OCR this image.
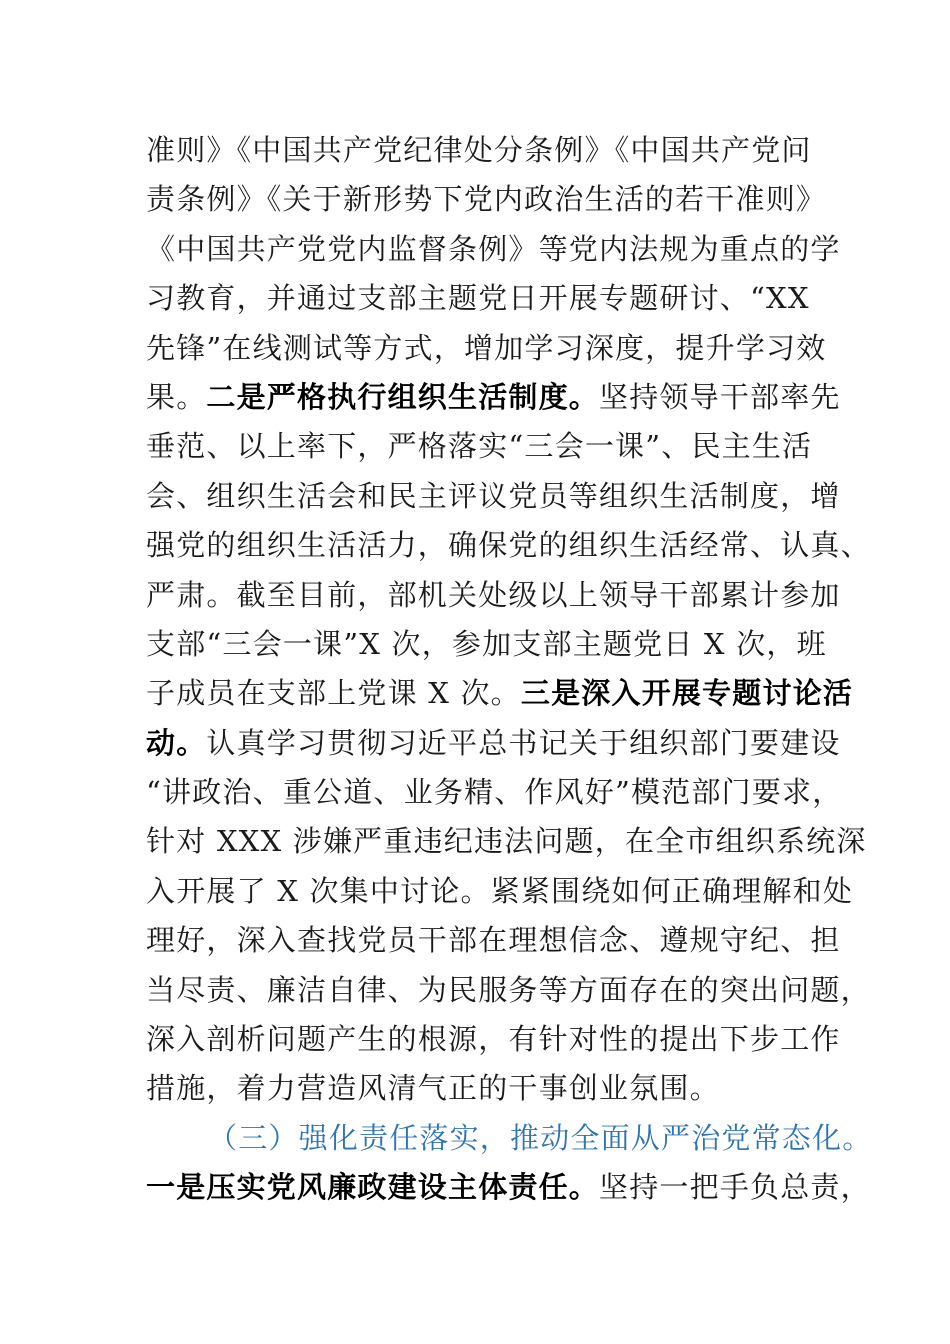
准则》《中国共产党纪律处分条例》《中国共产党问
责条例》《关于新形势下党内政治生活的若干准则》
《中国共产党党内监督条例》等党内法规为重点的学
习教育，并通过支部主题党日开展专题研讨、“XX
先锋”在线测试等方式，增加学习深度，提升学习效
果。二是严格执行组织生活制度。坚持领导干部率先
垂范、以上率下，严格落实“三会一课”、民主生活
会、组织生活会和民主评议党员等组织生活制度，增
强党的组织生活活力，确保党的组织生活经常、认真、
严肃。截至目前，部机关处级以上领导干部累计参加
支部“三会一课”X 次，参加支部主题党日 X 次，班
子成员在支部上党课 X 次。三是深入开展专题讨论活
动。认真学习贯彻习近平总书记关于组织部门要建设
“讲政治、重公道、业务精、作风好”模范部门要求，
针对 XXX 涉嫌严重违纪违法问题，在全市组织系统深
入开展了 X 次集中讨论。紧紧围绕如何正确理解和处
理好，深入查找党员干部在理想信念、遵规守纪、担
当尽责、廉洁自律、为民服务等方面存在的突出问题，
深入剖析问题产生的根源，有针对性的提出下步工作
措施，着力营造风清气正的干事创业氛围。
（三）强化责任落实，推动全面从严治党常态化。
一是压实党风廉政建设主体责任。坚持一把手负总责，
